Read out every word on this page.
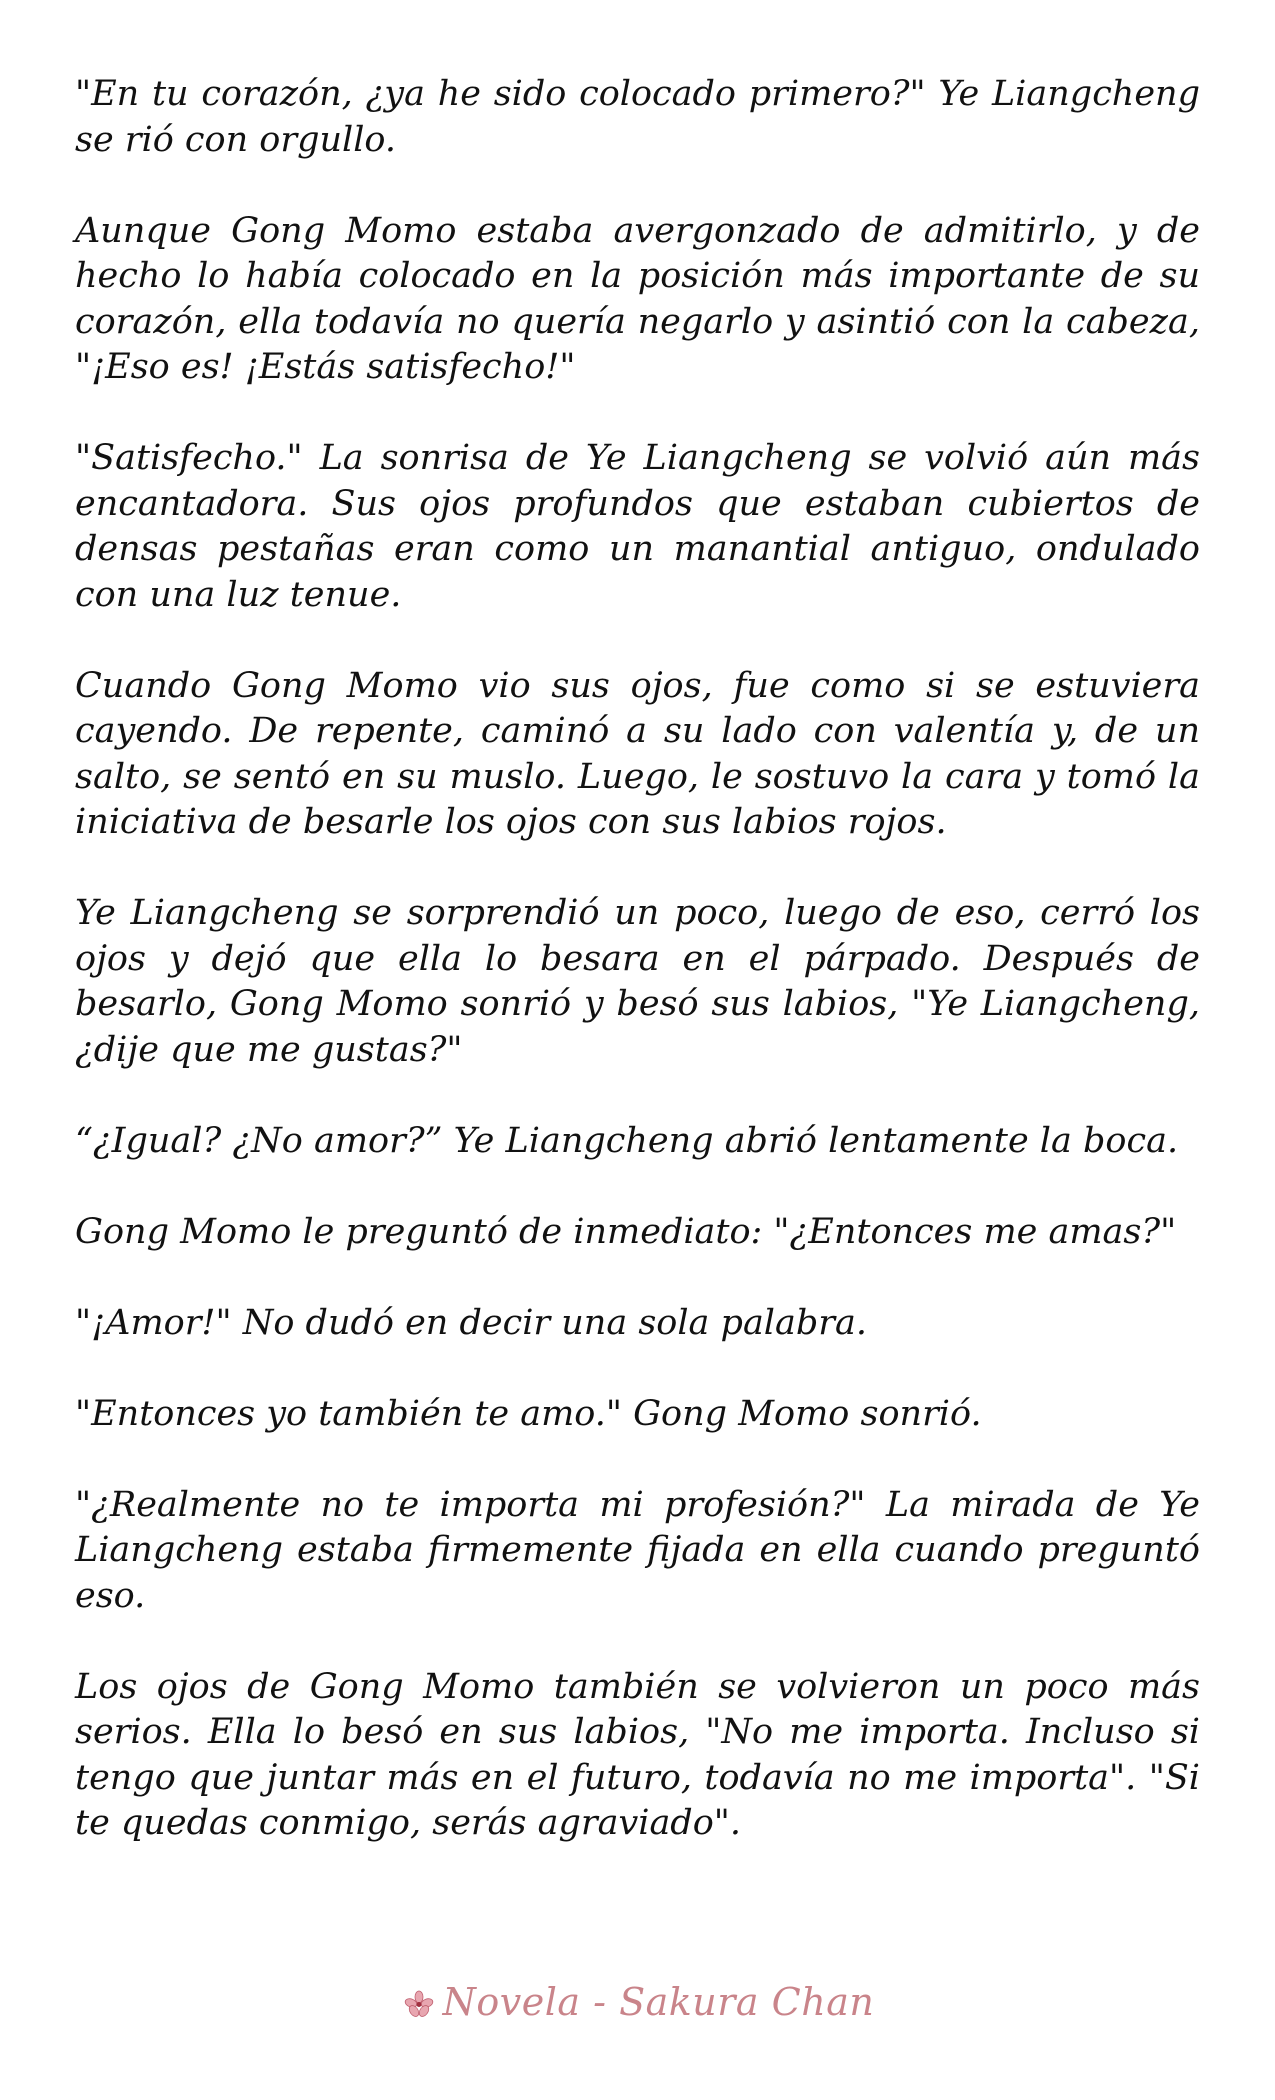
"En tu corazón, ¿ya he sido colocado primero?" Ye Liangcheng se rió con orgullo.

Aunque Gong Momo estaba avergonzado de admitirlo, y de hecho lo había colocado en la posición más importante de su corazón, ella todavía no quería negarlo y asintió con la cabeza, "¡Eso es! ¡Estás satisfecho!"

"Satisfecho." La sonrisa de Ye Liangcheng se volvió aún más encantadora. Sus ojos profundos que estaban cubiertos de densas pestañas eran como un manantial antiguo, ondulado con una luz tenue.

Cuando Gong Momo vio sus ojos, fue como si se estuviera cayendo. De repente, caminó a su lado con valentía y, de un salto, se sentó en su muslo. Luego, le sostuvo la cara y tomó la iniciativa de besarle los ojos con sus labios rojos.

Ye Liangcheng se sorprendió un poco, luego de eso, cerró los ojos y dejó que ella lo besara en el párpado. Después de besarlo, Gong Momo sonrió y besó sus labios, "Ye Liangcheng, ¿dije que me gustas?"

“¿Igual? ¿No amor?” Ye Liangcheng abrió lentamente la boca.

Gong Momo le preguntó de inmediato: "¿Entonces me amas?"

"¡Amor!" No dudó en decir una sola palabra.

"Entonces yo también te amo." Gong Momo sonrió.

"¿Realmente no te importa mi profesión?" La mirada de Ye Liangcheng estaba firmemente fijada en ella cuando preguntó eso.

Los ojos de Gong Momo también se volvieron un poco más serios. Ella lo besó en sus labios, "No me importa. Incluso si tengo que juntar más en el futuro, todavía no me importa". "Si te quedas conmigo, serás agraviado".

Novela - Sakura Chan
